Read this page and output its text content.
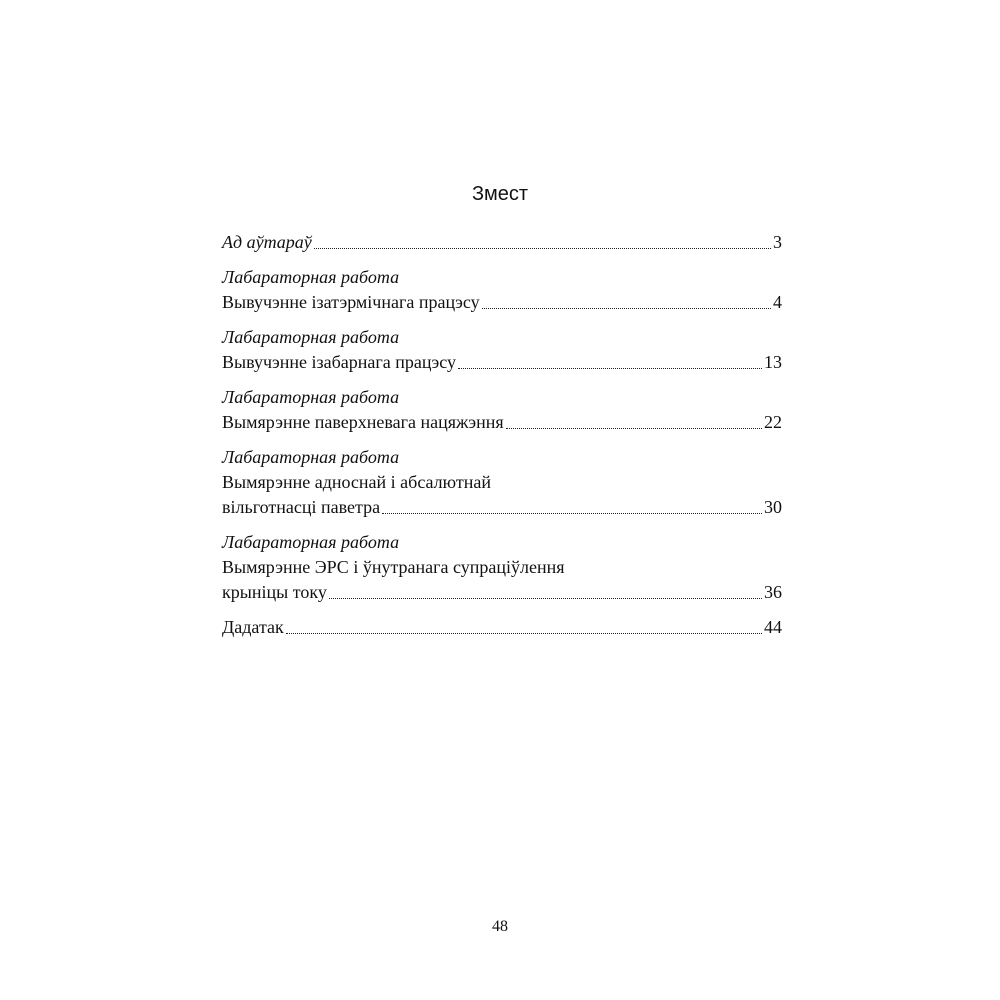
Змест
Ад аўтараў	3
Лабараторная работа
Вывучэнне ізатэрмічнага працэсу	4
Лабараторная работа
Вывучэнне ізабарнага працэсу	13
Лабараторная работа
Вымярэнне паверхневага нацяжэння	22
Лабараторная работа
Вымярэнне адноснай і абсалютнай
вільготнасці паветра	30
Лабараторная работа
Вымярэнне ЭРС і ўнутранага супраціўлення
крыніцы току	36
Дадатак	44
48
